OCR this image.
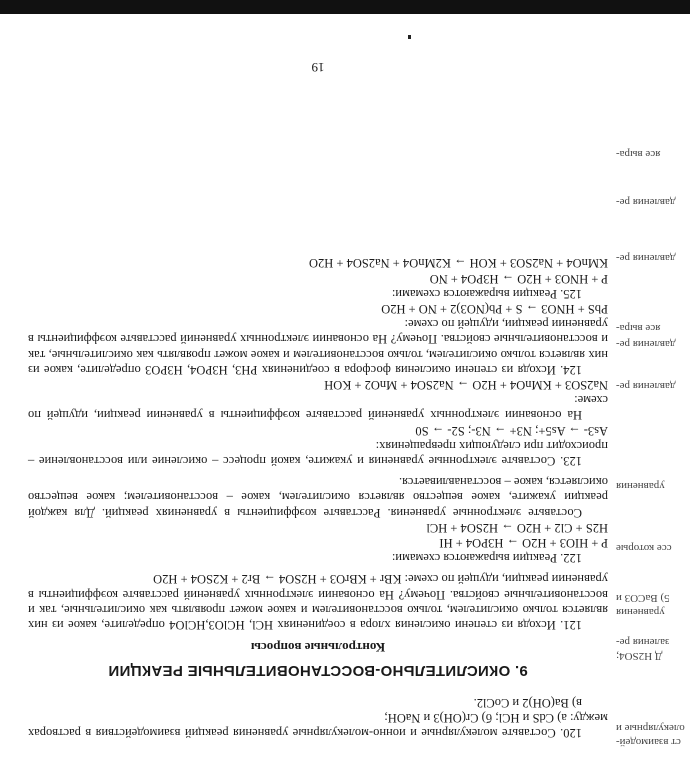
ст взаимодей-
олекулярные и
Д H2SO4;
заления ре-
уравнения
5) BaCO3 и
ссе которые
уравнения
давления ре-
давления ре-
ясе выра-
давления ре-
давления ре-
ясе выра-

120. Составьте молекулярные и ионно-молекулярные уравнения реакций взаимодействия в растворах между: а) CdS и HCl; б) Cr(OH)3 и NaOH;

в) Ba(OH)2 и CoCl2.

9. ОКИСЛИТЕЛЬНО-ВОССТАНОВИТЕЛЬНЫЕ РЕАКЦИИ
Контрольные вопросы

121. Исходя из степени окисления хлора в соединениях HCl, HClO3,HClO4 определите, какое из них является только окислителем, только восстановителем и какое может проявлять как окислительные, так и восстановительные свойства. Почему? На основании электронных уравнений расставьте коэффициенты в уравнении реакции, идущей по схеме: KBr + KBrO3 + H2SO4 → Br2 + K2SO4 + H2O

122. Реакции выражаются схемами:

P + HIO3 + H2O → H3PO4 + HI

H2S + Cl2 + H2O → H2SO4 + HCl

Составьте электронные уравнения. Расставьте коэффициенты в уравнениях реакций. Для каждой реакции укажите, какое вещество является окислителем, какое – восстановителем; какое вещество окисляется, какое – восстанавливается.

123. Составьте электронные уравнения и укажите, какой процесс – окисление или восстановление – происходит при следующих превращениях:

As3- → As5+; N3+ → N3-; S2- → S0

На основании электронных уравнений расставьте коэффициенты в уравнении реакции, идущей по схеме:

Na2SO3 + KMnO4 + H2O → Na2SO4 + MnO2 + KOH

124. Исходя из степени окисления фосфора в соединениях PH3, H3PO4, H3PO3 определите, какое из них является только окислителем, только восстановителем и какое может проявлять как окислительные, так и восстановительные свойства. Почему? На основании электронных уравнений расставьте коэффициенты в уравнении реакции, идущей по схеме:

PbS + HNO3 → S + Pb(NO3)2 + NO + H2O

125. Реакции выражаются схемами:

P + HNO3 + H2O → H3PO4 + NO

KMnO4 + Na2SO3 + KOH → K2MnO4 + Na2SO4 + H2O

19
